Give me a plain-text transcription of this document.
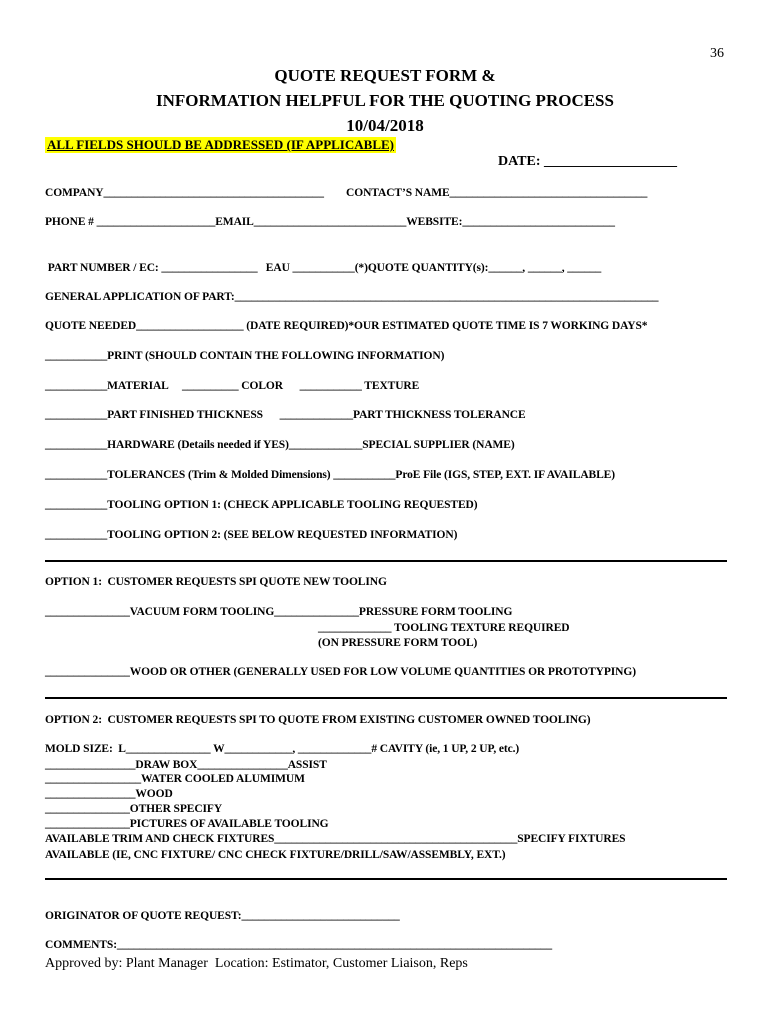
36
QUOTE REQUEST FORM &
INFORMATION HELPFUL FOR THE QUOTING PROCESS
10/04/2018
ALL FIELDS SHOULD BE ADDRESSED (IF APPLICABLE)
DATE: ___________________
COMPANY_______________________________________        CONTACT’S NAME___________________________________
PHONE # _____________________EMAIL___________________________WEBSITE:___________________________
PART NUMBER / EC: _________________   EAU ___________(*)QUOTE QUANTITY(s):______, ______, ______
GENERAL APPLICATION OF PART:___________________________________________________________________________
QUOTE NEEDED___________________ (DATE REQUIRED)*OUR ESTIMATED QUOTE TIME IS 7 WORKING DAYS*
___________PRINT (SHOULD CONTAIN THE FOLLOWING INFORMATION)
___________MATERIAL     __________ COLOR      ___________ TEXTURE
___________PART FINISHED THICKNESS      _____________PART THICKNESS TOLERANCE
___________HARDWARE (Details needed if YES)_____________SPECIAL SUPPLIER (NAME)
___________TOLERANCES (Trim & Molded Dimensions) ___________ProE File (IGS, STEP, EXT. IF AVAILABLE)
___________TOOLING OPTION 1: (CHECK APPLICABLE TOOLING REQUESTED)
___________TOOLING OPTION 2: (SEE BELOW REQUESTED INFORMATION)
OPTION 1:  CUSTOMER REQUESTS SPI QUOTE NEW TOOLING
_______________VACUUM FORM TOOLING_______________PRESSURE FORM TOOLING
_____________ TOOLING TEXTURE REQUIRED
(ON PRESSURE FORM TOOL)
_______________WOOD OR OTHER (GENERALLY USED FOR LOW VOLUME QUANTITIES OR PROTOTYPING)
OPTION 2:  CUSTOMER REQUESTS SPI TO QUOTE FROM EXISTING CUSTOMER OWNED TOOLING)
MOLD SIZE:  L_______________ W____________, _____________# CAVITY (ie, 1 UP, 2 UP, etc.)
________________DRAW BOX________________ASSIST
_________________WATER COOLED ALUMIMUM
________________WOOD
_______________OTHER SPECIFY
_______________PICTURES OF AVAILABLE TOOLING
AVAILABLE TRIM AND CHECK FIXTURES___________________________________________SPECIFY FIXTURES
AVAILABLE (IE, CNC FIXTURE/ CNC CHECK FIXTURE/DRILL/SAW/ASSEMBLY, EXT.)
ORIGINATOR OF QUOTE REQUEST:____________________________
COMMENTS:_____________________________________________________________________________
Approved by: Plant Manager  Location: Estimator, Customer Liaison, Reps
